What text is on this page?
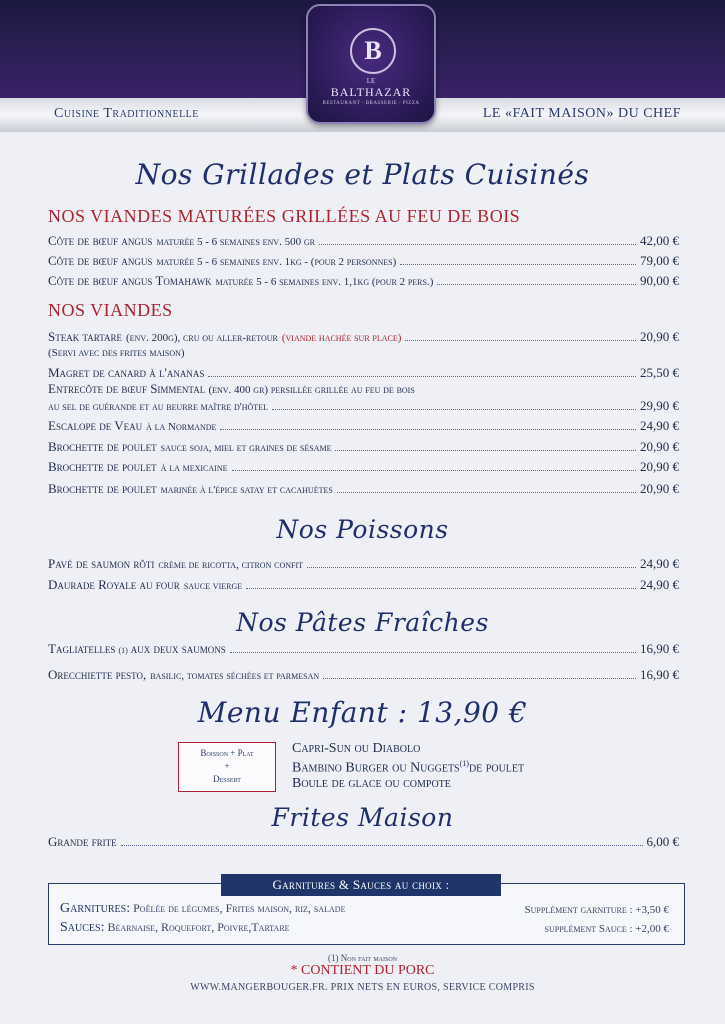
Cuisine Traditionnelle	LE «FAIT MAISON» DU CHEF
B
LE
BALTHAZAR
RESTAURANT - BRASSERIE - PIZZA
Nos Grillades et Plats Cuisinés
NOS VIANDES MATURÉES GRILLÉES AU FEU DE BOIS
Côte de bœuf angus maturée 5 - 6 semaines env. 500 gr	42,00 €
Côte de bœuf angus maturée 5 - 6 semaines env. 1kg - (pour 2 personnes)	79,00 €
Côte de bœuf angus Tomahawk maturée 5 - 6 semaines env. 1,1kg (pour 2 pers.)	90,00 €
NOS VIANDES
Steak tartare (env. 200g), cru ou aller-retour (viande hachée sur place)	20,90 €
(Servi avec des frites maison)
Magret de canard à l'ananas	25,50 €
Entrecôte de bœuf Simmental (env. 400 gr) persillée grillée au feu de bois
au sel de guérande et au beurre maître d'hôtel	29,90 €
Escalope de Veau à la Normande	24,90 €
Brochette de poulet sauce soja, miel et graines de sésame	20,90 €
Brochette de poulet à la mexicaine	20,90 €
Brochette de poulet marinée à l'épice satay et cacahuètes	20,90 €
Nos Poissons
Pavé de saumon rôti crème de ricotta, citron confit	24,90 €
Daurade Royale au four sauce vierge	24,90 €
Nos Pâtes Fraîches
Tagliatelles (1) aux deux saumons	16,90 €
Orecchiette pesto, basilic, tomates séchées et parmesan	16,90 €
Menu Enfant : 13,90 €
Boisson + Plat
+
Dessert
Capri-Sun ou Diabolo
Bambino Burger ou Nuggets$^{(1)}$de poulet
Boule de glace ou compote
Frites Maison
Grande frite	6,00 €
Garnitures & Sauces au choix :
Garnitures: Poêlée de légumes, Frites maison, riz, salade	Supplément garniture : +3,50 €
Sauces: Béarnaise, Roquefort, Poivre,Tartare	supplément Sauce : +2,00 €
(1) Non fait maison
* CONTIENT DU PORC
WWW.MANGERBOUGER.FR. PRIX NETS EN EUROS, SERVICE COMPRIS
